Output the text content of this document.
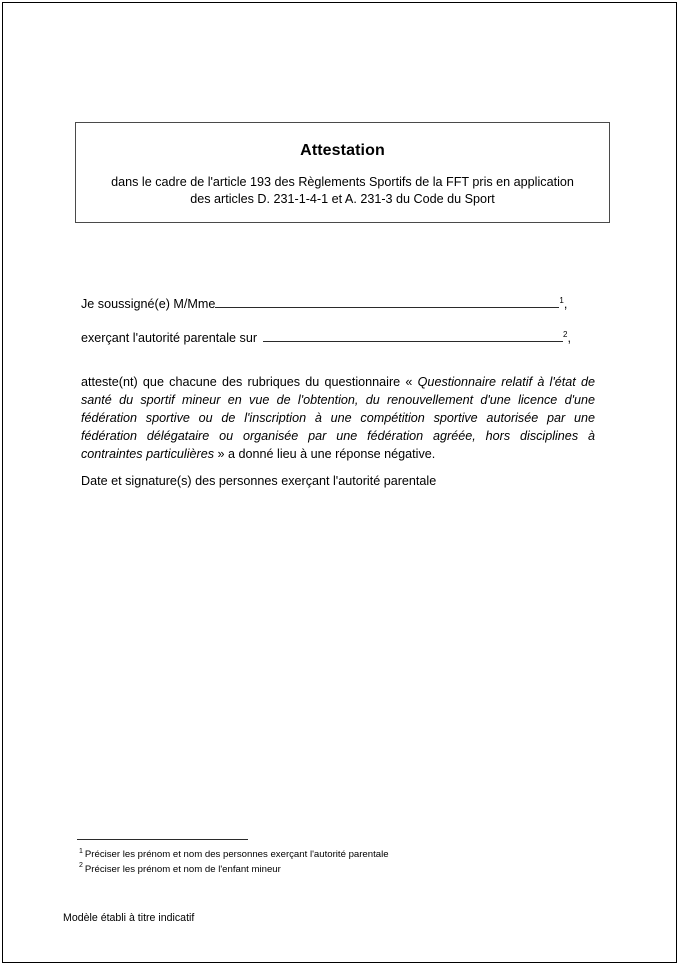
Attestation
dans le cadre de l'article 193 des Règlements Sportifs de la FFT pris en application
des articles D. 231-1-4-1 et A. 231-3 du Code du Sport
Je soussigné(e) M/Mme	$^1$,
exerçant l'autorité parentale sur	$^2$,

atteste(nt) que chacune des rubriques du questionnaire « Questionnaire relatif à l'état de santé du sportif mineur en vue de l'obtention, du renouvellement d'une licence d'une fédération sportive ou de l'inscription à une compétition sportive autorisée par une fédération délégataire ou organisée par une fédération agréée, hors disciplines à contraintes particulières » a donné lieu à une réponse négative.

Date et signature(s) des personnes exerçant l'autorité parentale
$^1$ Préciser les prénom et nom des personnes exerçant l'autorité parentale
$^2$ Préciser les prénom et nom de l'enfant mineur
Modèle établi à titre indicatif
